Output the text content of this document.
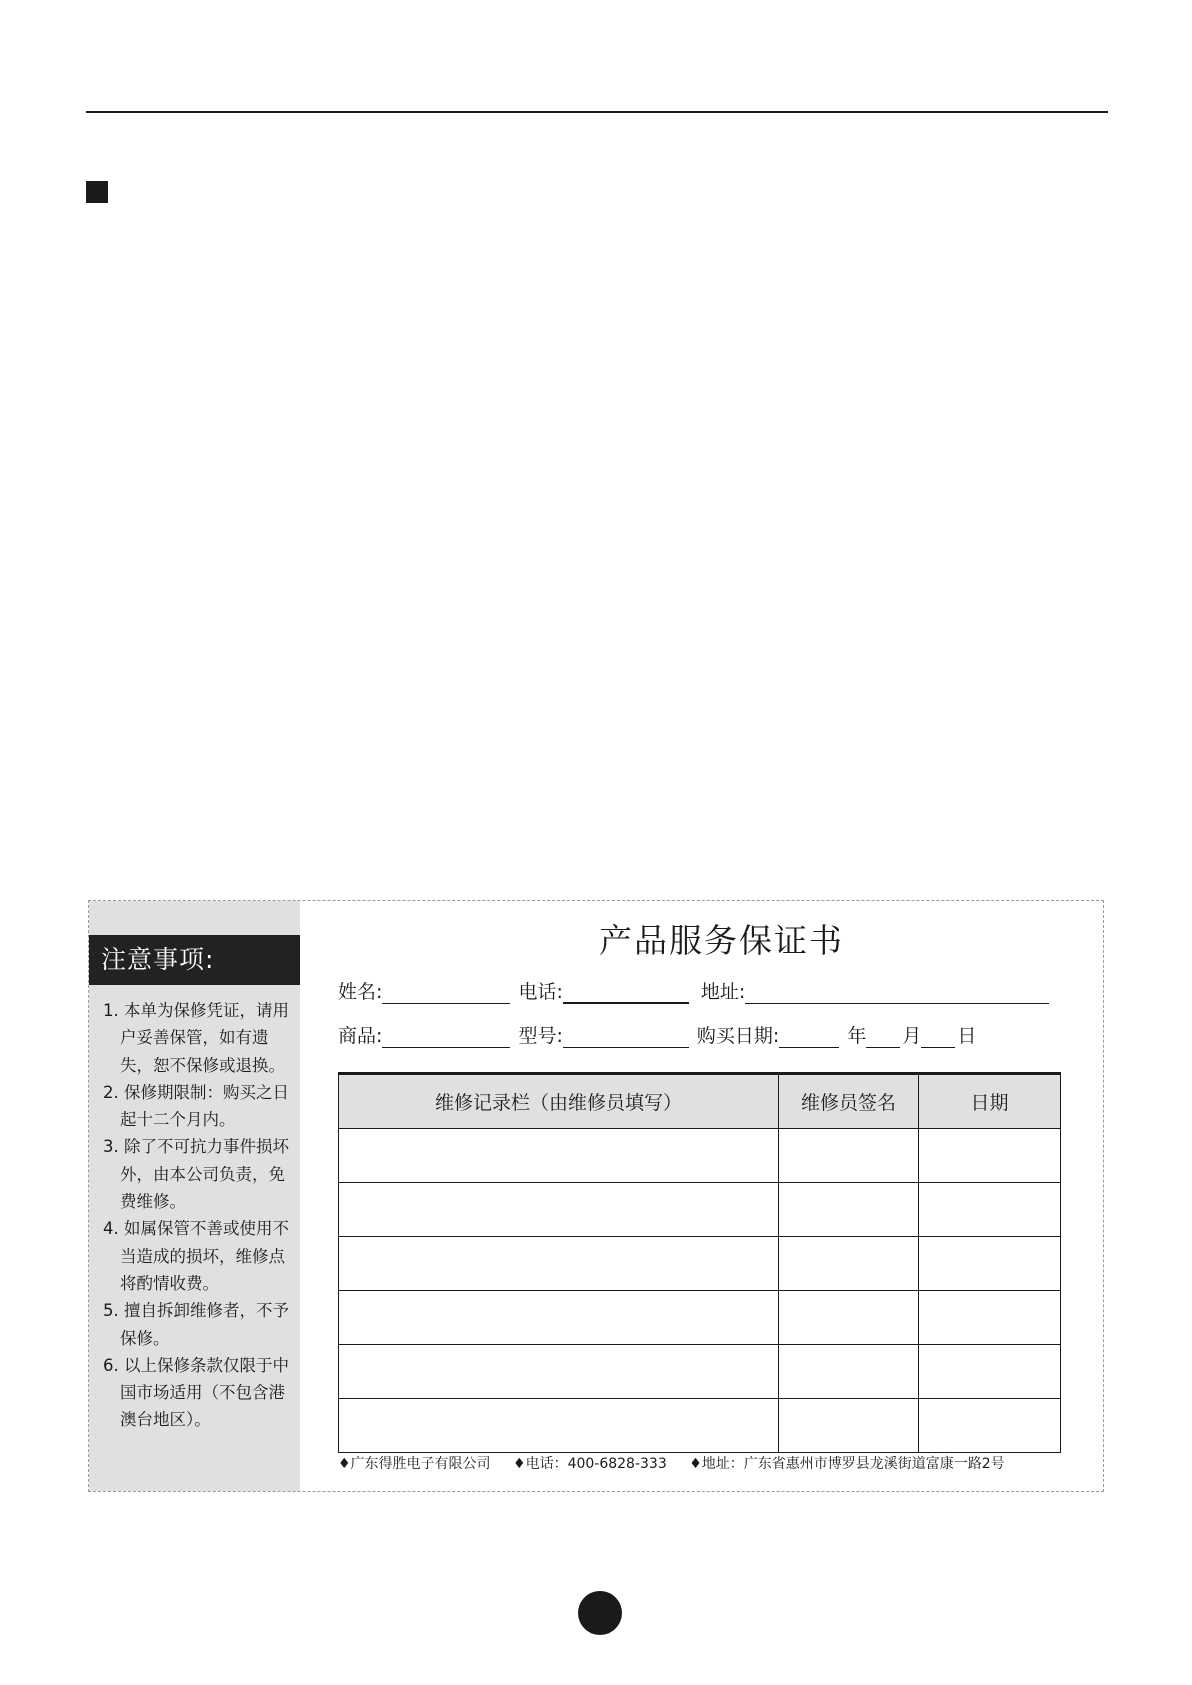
注意事项:
1. 本单为保修凭证，请用户妥善保管，如有遗失，恕不保修或退换。
2. 保修期限制：购买之日起十二个月内。
3. 除了不可抗力事件损坏外，由本公司负责，免费维修。
4. 如属保管不善或使用不当造成的损坏，维修点将酌情收费。
5. 擅自拆卸维修者，不予保修。
6. 以上保修条款仅限于中国市场适用（不包含港澳台地区）。
产品服务保证书
姓名:	电话:	地址:
商品:	型号:	购买日期:	年 月 日
维修记录栏（由维修员填写）	维修员签名	日期

♦广东得胜电子有限公司 ♦电话：400-6828-333 ♦地址：广东省惠州市博罗县龙溪街道富康一路2号
